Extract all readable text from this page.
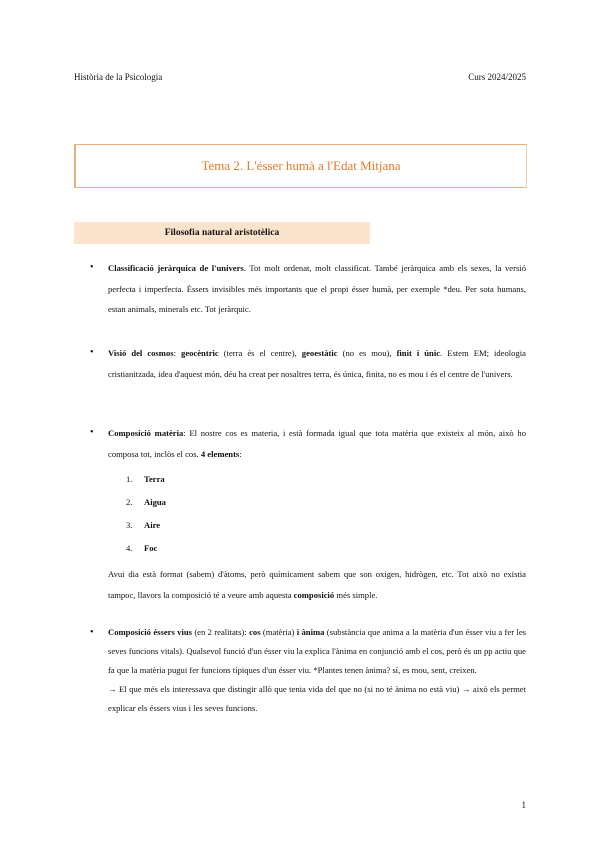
Història de la Psicologia	Curs 2024/2025
Tema 2. L'ésser humà a l'Edat Mitjana
Filosofia natural aristotèlica
• Classificació jeràrquica de l'univers. Tot molt ordenat, molt classificat. També jeràrquica amb els sexes, la versió perfecta i imperfecta. Éssers invisibles més importants que el propi ésser humà, per exemple *deu. Per sota humans, estan animals, minerals etc. Tot jeràrquic.
• Visió del cosmos: geocèntric (terra és el centre), geoestàtic (no es mou), finit i únic. Estem EM; ideologia cristianitzada, idea d'aquest món, déu ha creat per nosaltres terra, és única, finita, no es mou i és el centre de l'univers.
• Composició matèria: El nostre cos es materia, i està formada igual que tota matèria que existeix al món, això ho composa tot, inclòs el cos. 4 elements:
1. Terra
2. Aigua
3. Aire
4. Foc
Avui dia està format (sabem) d'àtoms, però químicament sabem que son oxigen, hidrògen, etc. Tot això no existia tampoc, llavors la composició té a veure amb aquesta composició més simple.
• Composició éssers vius (en 2 realitats): cos (matèria) i ànima (substància que anima a la matèria d'un ésser viu a fer les seves funcions vitals). Qualsevol funció d'un ésser viu la explica l'ànima en conjunció amb el cos, però és un pp actiu que fa que la matèria pugui fer funcions típiques d'un ésser viu. *Plantes tenen ànima? sí, es mou, sent, creixen.
→ El que més els interessava que distingir allò que tenia vida del que no (si no té ànima no està viu) → això els permet explicar els éssers vius i les seves funcions.
1
